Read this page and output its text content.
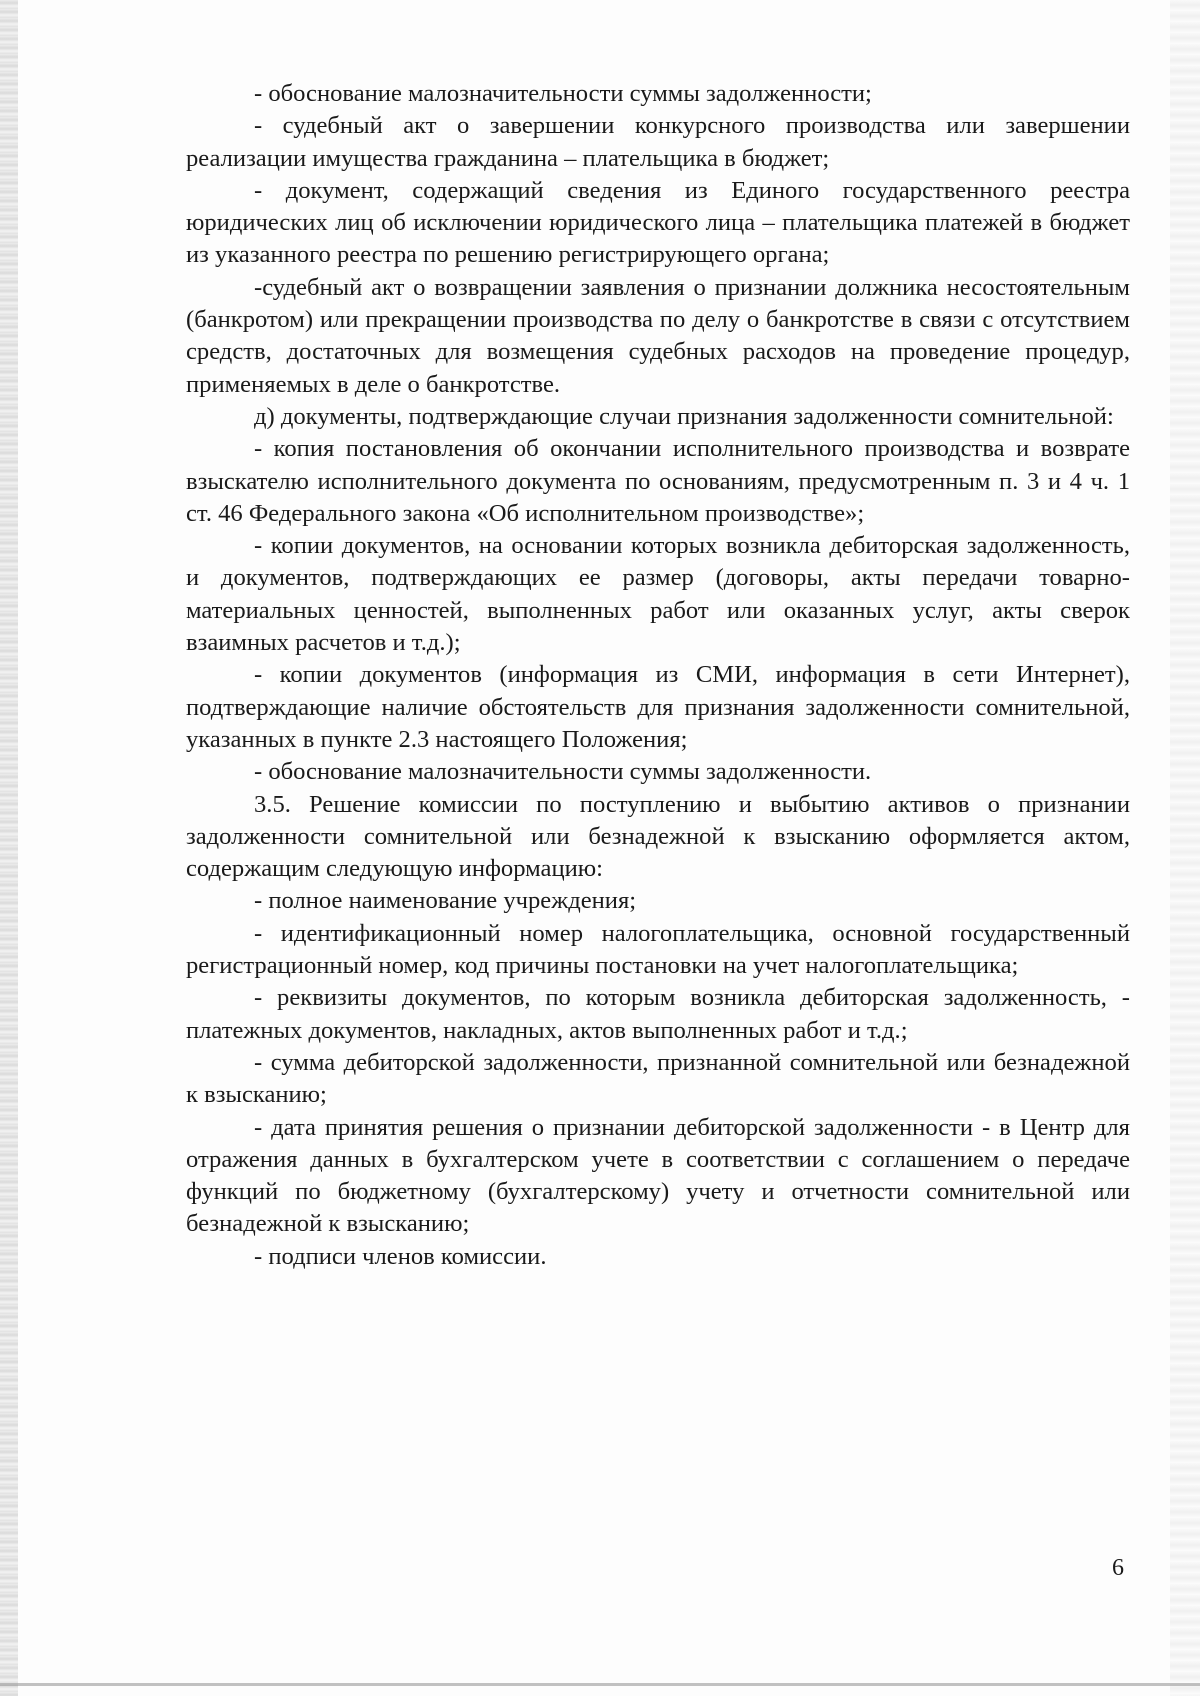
- обоснование малозначительности суммы задолженности;

- судебный акт о завершении конкурсного производства или завершении реализации имущества гражданина – плательщика в бюджет;

- документ, содержащий сведения из Единого государственного реестра юридических лиц об исключении юридического лица – плательщика платежей в бюджет из указанного реестра по решению регистрирующего органа;

-судебный акт о возвращении заявления о признании должника несостоятельным (банкротом) или прекращении производства по делу о банкротстве в связи с отсутствием средств, достаточных для возмещения судебных расходов на проведение процедур, применяемых в деле о банкротстве.

д) документы, подтверждающие случаи признания задолженности сомнительной:

- копия постановления об окончании исполнительного производства и возврате взыскателю исполнительного документа по основаниям, предусмотренным п. 3 и 4 ч. 1 ст. 46 Федерального закона «Об исполнительном производстве»;

- копии документов, на основании которых возникла дебиторская задолженность, и документов, подтверждающих ее размер (договоры, акты передачи товарно-материальных ценностей, выполненных работ или оказанных услуг, акты сверок взаимных расчетов и т.д.);

- копии документов (информация из СМИ, информация в сети Интернет), подтверждающие наличие обстоятельств для признания задолженности сомнительной, указанных в пункте 2.3 настоящего Положения;

- обоснование малозначительности суммы задолженности.

3.5. Решение комиссии по поступлению и выбытию активов о признании задолженности сомнительной или безнадежной к взысканию оформляется актом, содержащим следующую информацию:

- полное наименование учреждения;

- идентификационный номер налогоплательщика, основной государственный регистрационный номер, код причины постановки на учет налогоплательщика;

- реквизиты документов, по которым возникла дебиторская задолженность, - платежных документов, накладных, актов выполненных работ и т.д.;

- сумма дебиторской задолженности, признанной сомнительной или безнадежной к взысканию;

- дата принятия решения о признании дебиторской задолженности - в Центр для отражения данных в бухгалтерском учете в соответствии с соглашением о передаче функций по бюджетному (бухгалтерскому) учету и отчетности сомнительной или безнадежной к взысканию;

- подписи членов комиссии.

6
